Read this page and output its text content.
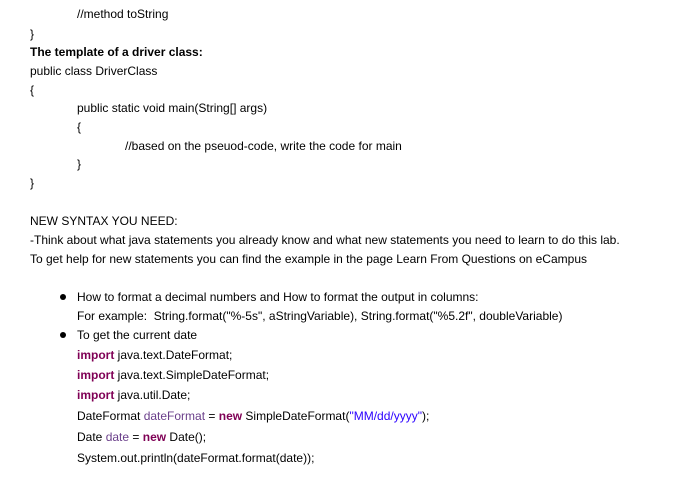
//method toString
}
The template of a driver class:
public class DriverClass
{
public static void main(String[] args)
{
//based on the pseuod-code, write the code for main
}
}
NEW SYNTAX YOU NEED:
-Think about what java statements you already know and what new statements you need to learn to do this lab.
To get help for new statements you can find the example in the page Learn From Questions on eCampus
How to format a decimal numbers and How to format the output in columns:
For example:  String.format("%-5s", aStringVariable), String.format("%5.2f", doubleVariable)
To get the current date
import java.text.DateFormat;
import java.text.SimpleDateFormat;
import java.util.Date;
DateFormat dateFormat = new SimpleDateFormat("MM/dd/yyyy");
Date date = new Date();
System.out.println(dateFormat.format(date));
